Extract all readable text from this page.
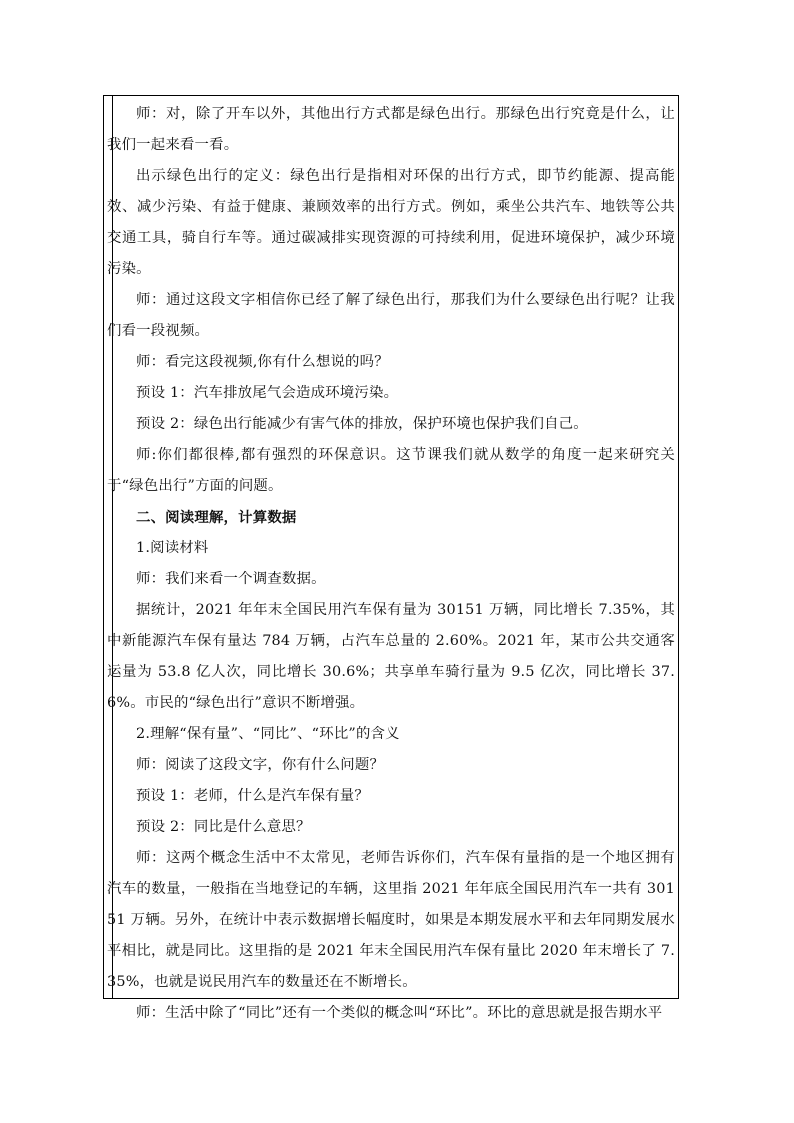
师：对，除了开车以外，其他出行方式都是绿色出行。那绿色出行究竟是什么，让我们一起来看一看。

出示绿色出行的定义：绿色出行是指相对环保的出行方式，即节约能源、提高能效、减少污染、有益于健康、兼顾效率的出行方式。例如，乘坐公共汽车、地铁等公共交通工具，骑自行车等。通过碳减排实现资源的可持续利用，促进环境保护，减少环境污染。

师：通过这段文字相信你已经了解了绿色出行，那我们为什么要绿色出行呢？让我们看一段视频。

师：看完这段视频,你有什么想说的吗？

预设 1：汽车排放尾气会造成环境污染。

预设 2：绿色出行能减少有害气体的排放，保护环境也保护我们自己。

师:你们都很棒,都有强烈的环保意识。这节课我们就从数学的角度一起来研究关于“绿色出行”方面的问题。

二、阅读理解，计算数据

1.阅读材料

师：我们来看一个调查数据。

据统计，2021 年年末全国民用汽车保有量为 30151 万辆，同比增长 7.35%，其中新能源汽车保有量达 784 万辆，占汽车总量的 2.60%。2021 年，某市公共交通客运量为 53.8 亿人次，同比增长 30.6%；共享单车骑行量为 9.5 亿次，同比增长 37.6%。市民的“绿色出行”意识不断增强。

2.理解“保有量”、“同比”、“环比”的含义

师：阅读了这段文字，你有什么问题？

预设 1：老师，什么是汽车保有量？

预设 2：同比是什么意思？

师：这两个概念生活中不太常见，老师告诉你们，汽车保有量指的是一个地区拥有汽车的数量，一般指在当地登记的车辆，这里指 2021 年年底全国民用汽车一共有 30151 万辆。另外，在统计中表示数据增长幅度时，如果是本期发展水平和去年同期发展水平相比，就是同比。这里指的是 2021 年末全国民用汽车保有量比 2020 年末增长了 7.35%，也就是说民用汽车的数量还在不断增长。

师：生活中除了“同比”还有一个类似的概念叫“环比”。环比的意思就是报告期水平
